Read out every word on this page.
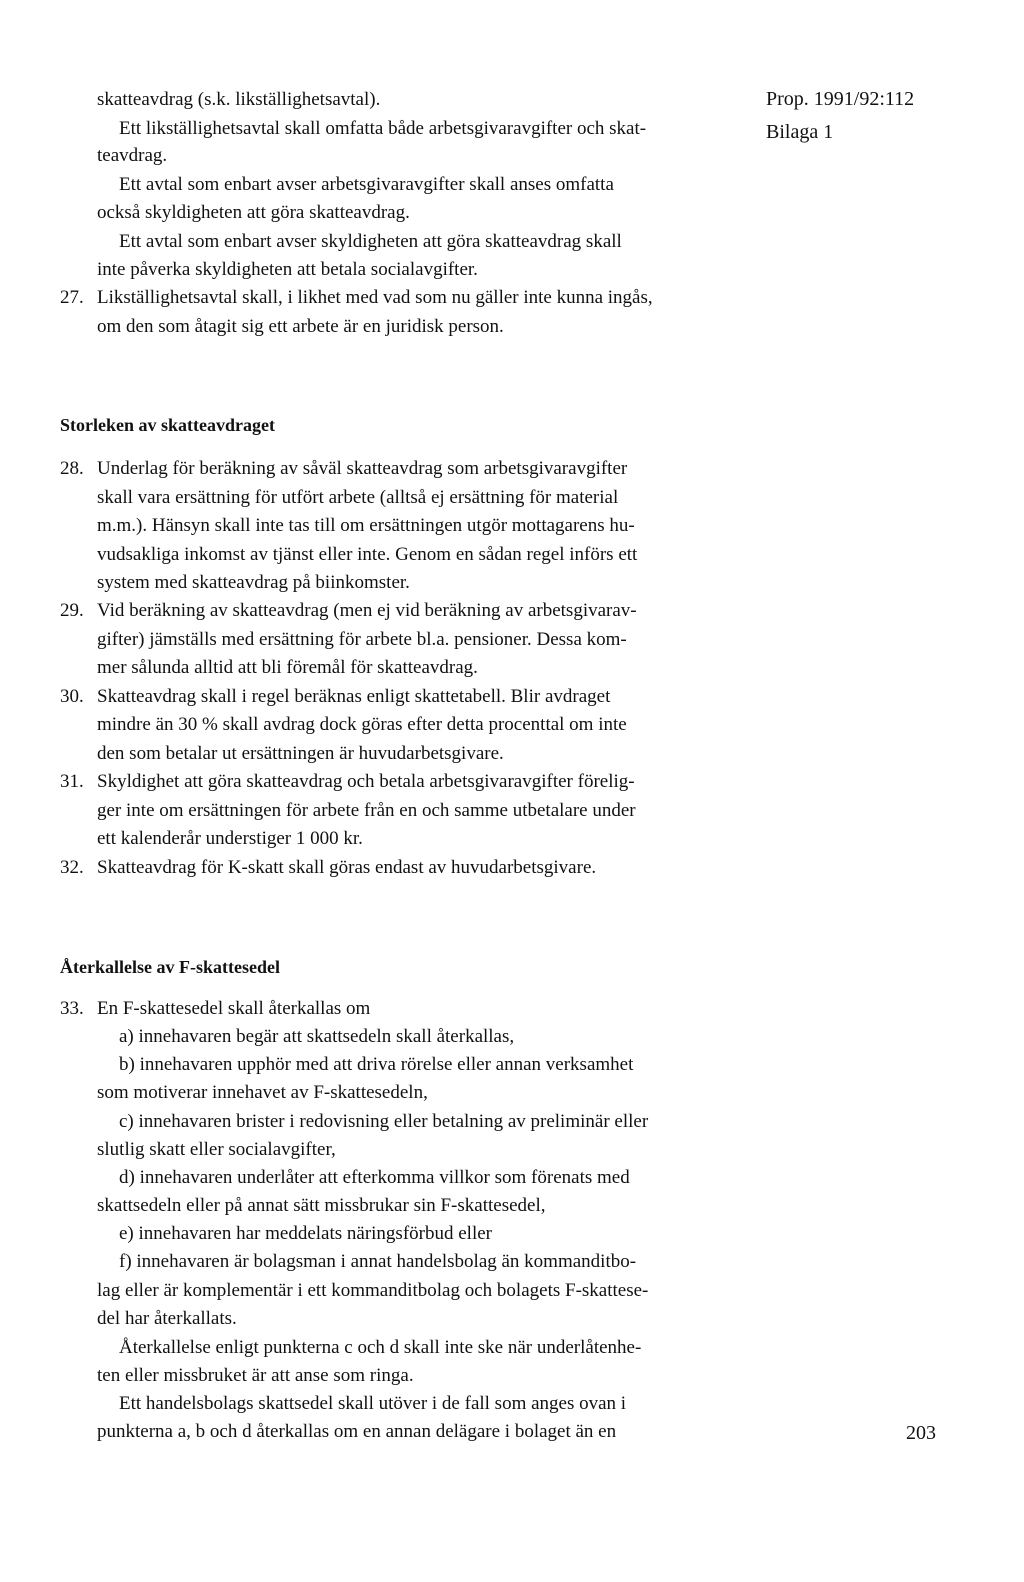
Prop. 1991/92:112
Bilaga 1
203
skatteavdrag (s.k. likställighetsavtal).
Ett likställighetsavtal skall omfatta både arbetsgivaravgifter och skat-
teavdrag.
Ett avtal som enbart avser arbetsgivaravgifter skall anses omfatta
också skyldigheten att göra skatteavdrag.
Ett avtal som enbart avser skyldigheten att göra skatteavdrag skall
inte påverka skyldigheten att betala socialavgifter.
27. Likställighetsavtal skall, i likhet med vad som nu gäller inte kunna ingås,
om den som åtagit sig ett arbete är en juridisk person.
Storleken av skatteavdraget
28. Underlag för beräkning av såväl skatteavdrag som arbetsgivaravgifter
skall vara ersättning för utfört arbete (alltså ej ersättning för material
m.m.). Hänsyn skall inte tas till om ersättningen utgör mottagarens hu-
vudsakliga inkomst av tjänst eller inte. Genom en sådan regel införs ett
system med skatteavdrag på biinkomster.
29. Vid beräkning av skatteavdrag (men ej vid beräkning av arbetsgivarav-
gifter) jämställs med ersättning för arbete bl.a. pensioner. Dessa kom-
mer sålunda alltid att bli föremål för skatteavdrag.
30. Skatteavdrag skall i regel beräknas enligt skattetabell. Blir avdraget
mindre än 30 % skall avdrag dock göras efter detta procenttal om inte
den som betalar ut ersättningen är huvudarbetsgivare.
31. Skyldighet att göra skatteavdrag och betala arbetsgivaravgifter förelig-
ger inte om ersättningen för arbete från en och samme utbetalare under
ett kalenderår understiger 1 000 kr.
32. Skatteavdrag för K-skatt skall göras endast av huvudarbetsgivare.
Återkallelse av F-skattesedel
33. En F-skattesedel skall återkallas om
a) innehavaren begär att skattsedeln skall återkallas,
b) innehavaren upphör med att driva rörelse eller annan verksamhet
som motiverar innehavet av F-skattesedeln,
c) innehavaren brister i redovisning eller betalning av preliminär eller
slutlig skatt eller socialavgifter,
d) innehavaren underlåter att efterkomma villkor som förenats med
skattsedeln eller på annat sätt missbrukar sin F-skattesedel,
e) innehavaren har meddelats näringsförbud eller
f) innehavaren är bolagsman i annat handelsbolag än kommanditbo-
lag eller är komplementär i ett kommanditbolag och bolagets F-skattese-
del har återkallats.
Återkallelse enligt punkterna c och d skall inte ske när underlåtenhe-
ten eller missbruket är att anse som ringa.
Ett handelsbolags skattsedel skall utöver i de fall som anges ovan i
punkterna a, b och d återkallas om en annan delägare i bolaget än en
